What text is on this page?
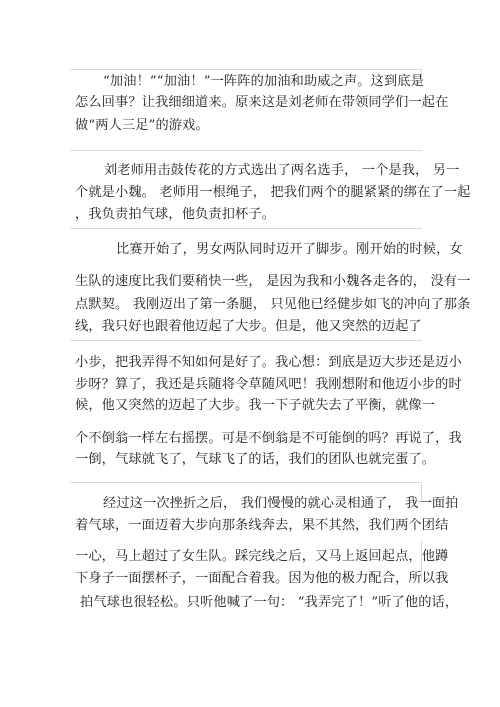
“加油！”“加油！”一阵阵的加油和助威之声。这到底是
怎么回事？让我细细道来。原来这是刘老师在带领同学们一起在
做“两人三足”的游戏。
刘老师用击鼓传花的方式选出了两名选手， 一个是我， 另一
个就是小魏。 老师用一根绳子， 把我们两个的腿紧紧的绑在了一起
，我负责拍气球，他负责扣杯子。
比赛开始了，男女两队同时迈开了脚步。刚开始的时候，女
生队的速度比我们要稍快一些， 是因为我和小魏各走各的， 没有一
点默契。 我刚迈出了第一条腿， 只见他已经健步如飞的冲向了那条
线，我只好也跟着他迈起了大步。但是，他又突然的迈起了
小步，把我弄得不知如何是好了。我心想：到底是迈大步还是迈小
步呀？算了，我还是兵随将令草随风吧！我刚想附和他迈小步的时
候，他又突然的迈起了大步。我一下子就失去了平衡，就像一
个不倒翁一样左右摇摆。可是不倒翁是不可能倒的吗？再说了，我
一倒，气球就飞了，气球飞了的话，我们的团队也就完蛋了。
经过这一次挫折之后， 我们慢慢的就心灵相通了， 我一面拍
着气球，一面迈着大步向那条线奔去，果不其然，我们两个团结
一心，马上超过了女生队。踩完线之后，又马上返回起点，他蹲
下身子一面摆杯子，一面配合着我。因为他的极力配合，所以我
拍气球也很轻松。只听他喊了一句： “我弄完了！”听了他的话，
